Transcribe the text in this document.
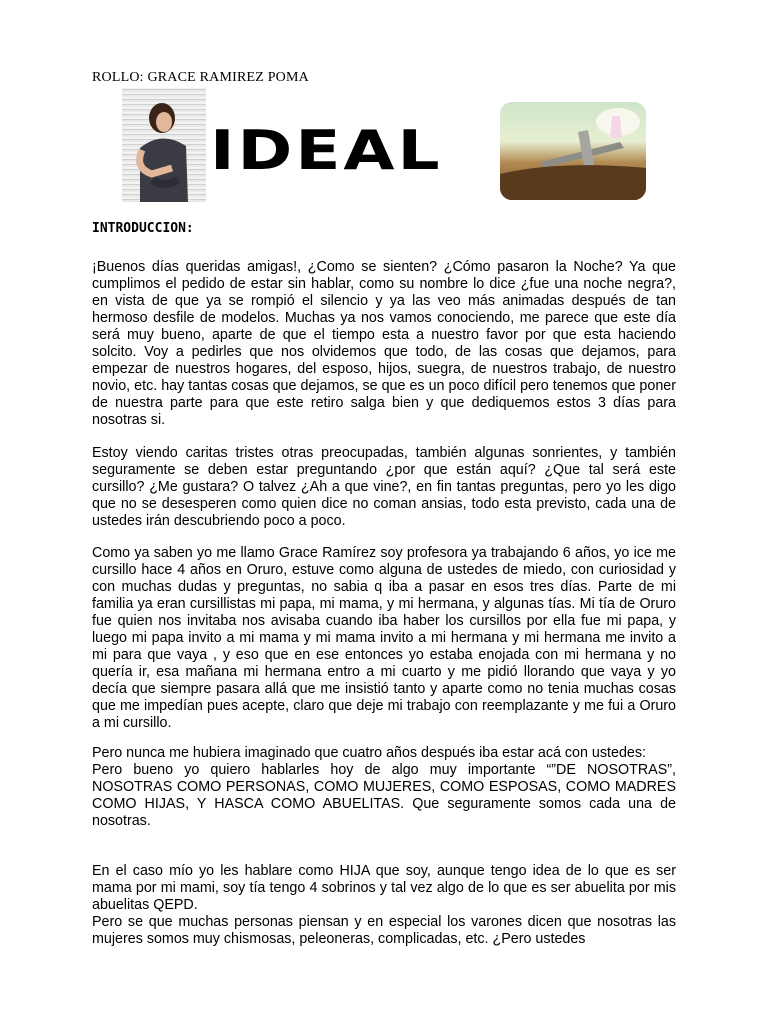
ROLLO: GRACE RAMIREZ POMA
IDEAL
INTRODUCCION:

¡Buenos días queridas amigas!, ¿Como se sienten? ¿Cómo pasaron la Noche? Ya que cumplimos el pedido de estar sin hablar, como su nombre lo dice ¿fue una noche negra?, en vista de que ya se rompió el silencio y ya las veo más animadas después de tan hermoso desfile de modelos. Muchas ya nos vamos conociendo, me parece que este día será muy bueno, aparte de que el tiempo esta a nuestro favor por que esta haciendo solcito. Voy a pedirles que nos olvidemos que todo, de las cosas que dejamos, para empezar de nuestros hogares, del esposo, hijos, suegra, de nuestros trabajo, de nuestro novio, etc. hay tantas cosas que dejamos, se que es un poco difícil pero tenemos que poner de nuestra parte para que este retiro salga bien y que dediquemos estos 3 días para nosotras si.

Estoy viendo caritas tristes otras preocupadas, también algunas sonrientes, y también seguramente se deben estar preguntando ¿por que están aquí? ¿Que tal será este cursillo? ¿Me gustara? O talvez ¿Ah a que vine?, en fin tantas preguntas, pero yo les digo que no se desesperen como quien dice no coman ansias, todo esta previsto, cada una de ustedes irán descubriendo poco a poco.

Como ya saben yo me llamo Grace Ramírez soy profesora ya trabajando 6 años, yo ice me cursillo hace 4 años en Oruro, estuve como alguna de ustedes de miedo, con curiosidad y con muchas dudas y preguntas, no sabia q iba a pasar en esos tres días. Parte de mi familia ya eran cursillistas mi papa, mi mama, y mi hermana, y algunas tías. Mi tía de Oruro fue quien nos invitaba nos avisaba cuando iba haber los cursillos por ella fue mi papa, y luego mi papa invito a mi mama y mi mama invito a mi hermana y mi hermana me invito a mi para que vaya , y eso que en ese entonces yo estaba enojada con mi hermana y no quería ir, esa mañana mi hermana entro a mi cuarto y me pidió llorando que vaya y yo decía que siempre pasara allá que me insistió tanto y aparte como no tenia muchas cosas que me impedían pues acepte, claro que deje mi trabajo con reemplazante y me fui a Oruro a mi cursillo.

Pero nunca me hubiera imaginado que cuatro años después iba estar acá con ustedes:
Pero bueno yo quiero hablarles hoy de algo muy importante “”DE NOSOTRAS”, NOSOTRAS COMO PERSONAS, COMO MUJERES, COMO ESPOSAS, COMO MADRES COMO HIJAS, Y HASCA COMO ABUELITAS. Que seguramente somos cada una de nosotras.

En el caso mío yo les hablare como HIJA que soy, aunque tengo idea de lo que es ser mama por mi mami, soy tía tengo 4 sobrinos y tal vez algo de lo que es ser abuelita por mis abuelitas QEPD.
Pero se que muchas personas piensan y en especial los varones dicen que nosotras las mujeres somos muy chismosas, peleoneras, complicadas, etc. ¿Pero ustedes
